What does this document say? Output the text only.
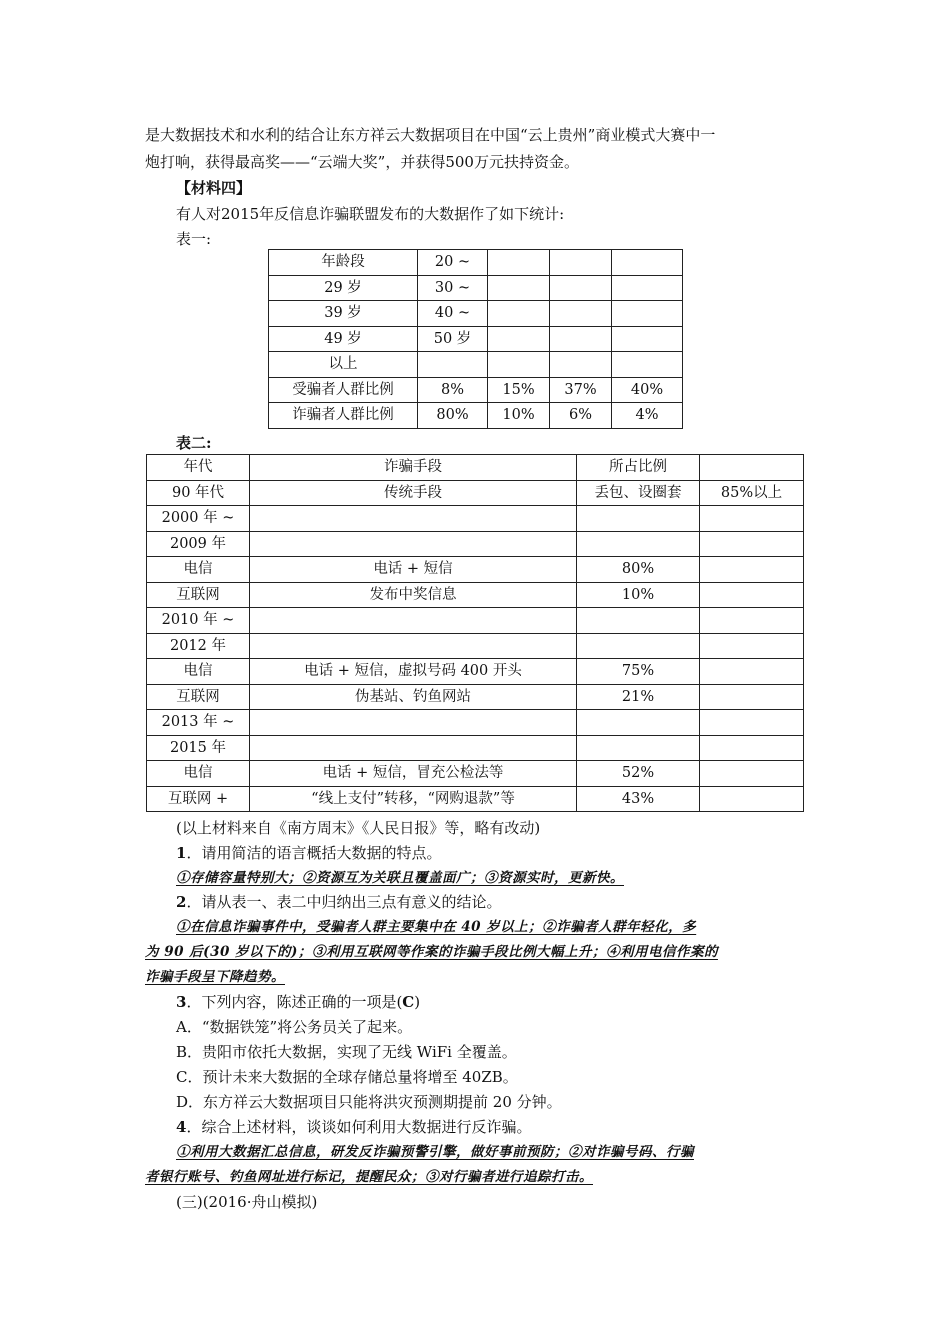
是大数据技术和水利的结合让东方祥云大数据项目在中国“云上贵州”商业模式大赛中一
炮打响，获得最高奖——“云端大奖”，并获得500万元扶持资金。
【材料四】
有人对2015年反信息诈骗联盟发布的大数据作了如下统计:
表一:
年龄段	20 ~			
29 岁	30 ~			
39 岁	40 ~			
49 岁	50 岁			
以上				
受骗者人群比例	8%	15%	37%	40%
诈骗者人群比例	80%	10%	6%	4%
表二:
年代	诈骗手段	所占比例	
90 年代	传统手段	丢包、设圈套	85%以上
2000 年 ~			
2009 年			
电信	电话 + 短信	80%	
互联网	发布中奖信息	10%	
2010 年 ~			
2012 年			
电信	电话 + 短信，虚拟号码 400 开头	75%	
互联网	伪基站、钓鱼网站	21%	
2013 年 ~			
2015 年			
电信	电话 + 短信，冒充公检法等	52%	
互联网 +	“线上支付”转移，“网购退款”等	43%	
(以上材料来自《南方周末》《人民日报》等，略有改动)
1．请用简洁的语言概括大数据的特点。
①存储容量特别大；②资源互为关联且覆盖面广；③资源实时，更新快。
2．请从表一、表二中归纳出三点有意义的结论。
①在信息诈骗事件中，受骗者人群主要集中在 40 岁以上；②诈骗者人群年轻化，多
为 90 后(30 岁以下的)；③利用互联网等作案的诈骗手段比例大幅上升；④利用电信作案的
诈骗手段呈下降趋势。
3．下列内容，陈述正确的一项是(C)
A．“数据铁笼”将公务员关了起来。
B．贵阳市依托大数据，实现了无线 WiFi 全覆盖。
C．预计未来大数据的全球存储总量将增至 40ZB。
D．东方祥云大数据项目只能将洪灾预测期提前 20 分钟。
4．综合上述材料，谈谈如何利用大数据进行反诈骗。
①利用大数据汇总信息，研发反诈骗预警引擎，做好事前预防；②对诈骗号码、行骗
者银行账号、钓鱼网址进行标记，提醒民众；③对行骗者进行追踪打击。
(三)(2016·舟山模拟)
